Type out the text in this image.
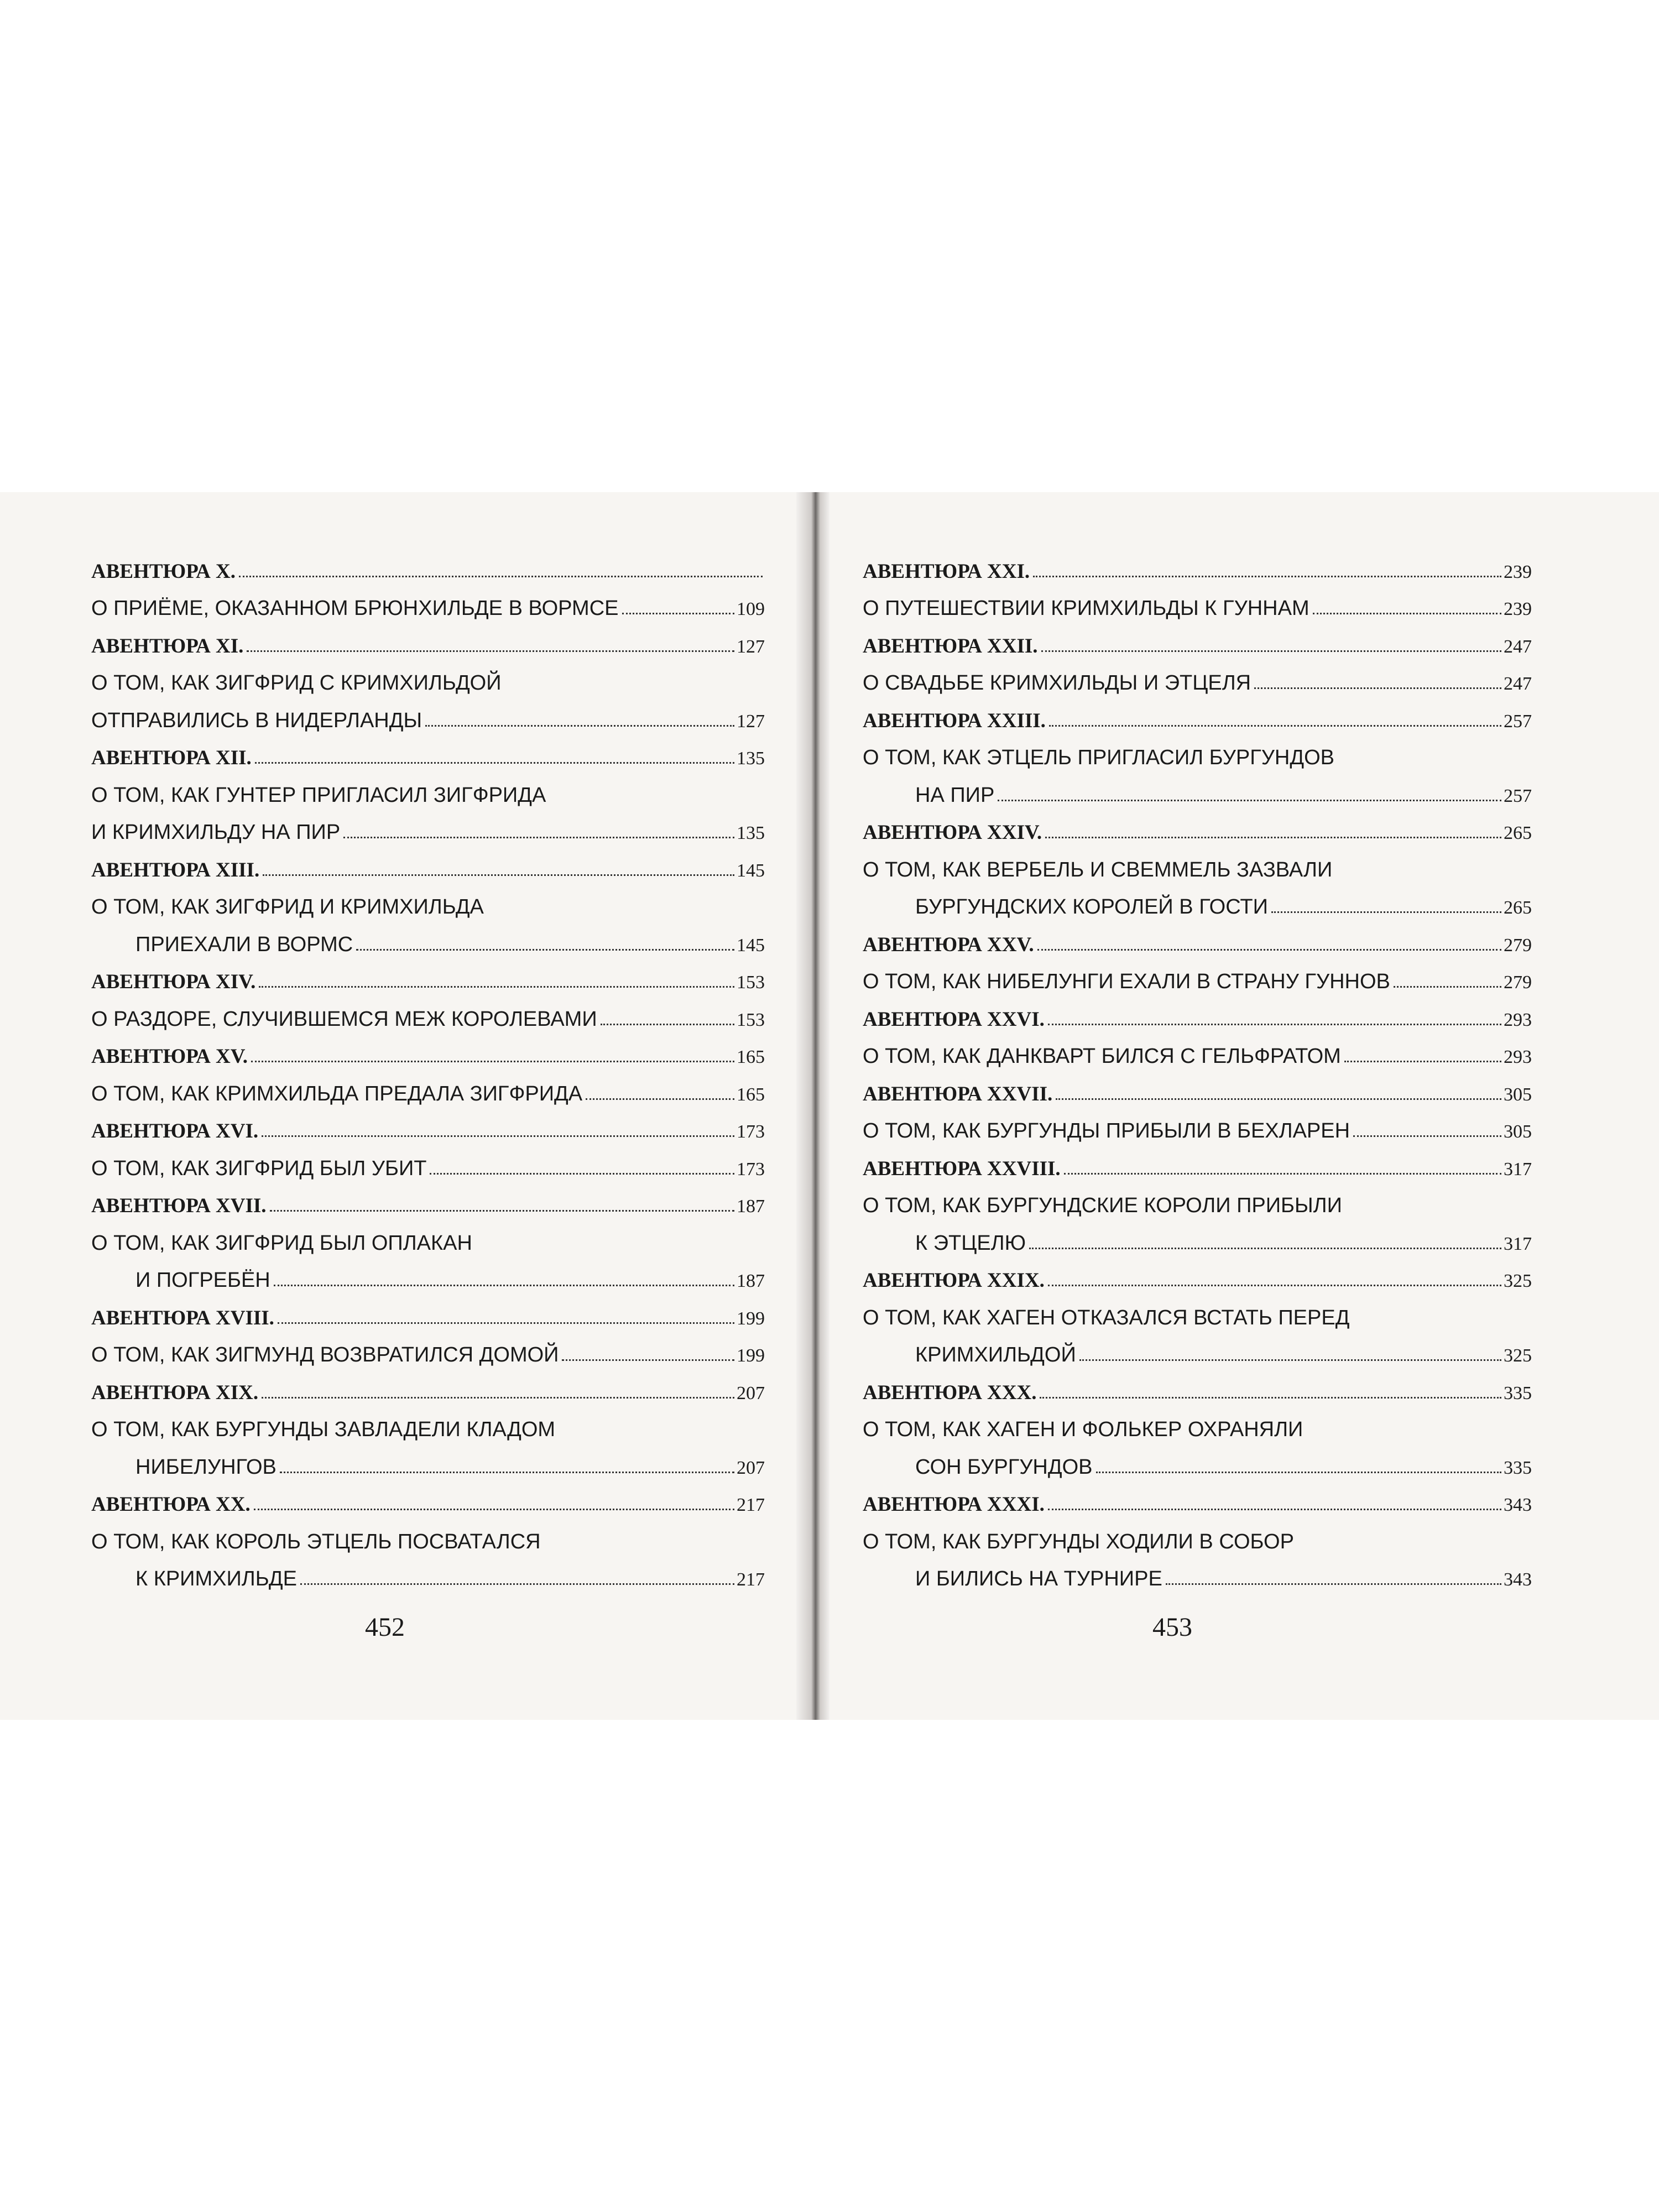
АВЕНТЮРА X.
О ПРИЁМЕ, ОКАЗАННОМ БРЮНХИЛЬДЕ В ВОРМСЕ	109
АВЕНТЮРА XI.	127
О ТОМ, КАК ЗИГФРИД С КРИМХИЛЬДОЙ
ОТПРАВИЛИСЬ В НИДЕРЛАНДЫ	127
АВЕНТЮРА XII.	135
О ТОМ, КАК ГУНТЕР ПРИГЛАСИЛ ЗИГФРИДА
И КРИМХИЛЬДУ НА ПИР	135
АВЕНТЮРА XIII.	145
О ТОМ, КАК ЗИГФРИД И КРИМХИЛЬДА
ПРИЕХАЛИ В ВОРМС	145
АВЕНТЮРА XIV.	153
О РАЗДОРЕ, СЛУЧИВШЕМСЯ МЕЖ КОРОЛЕВАМИ	153
АВЕНТЮРА XV.	165
О ТОМ, КАК КРИМХИЛЬДА ПРЕДАЛА ЗИГФРИДА	165
АВЕНТЮРА XVI.	173
О ТОМ, КАК ЗИГФРИД БЫЛ УБИТ	173
АВЕНТЮРА XVII.	187
О ТОМ, КАК ЗИГФРИД БЫЛ ОПЛАКАН
И ПОГРЕБЁН	187
АВЕНТЮРА XVIII.	199
О ТОМ, КАК ЗИГМУНД ВОЗВРАТИЛСЯ ДОМОЙ	199
АВЕНТЮРА XIX.	207
О ТОМ, КАК БУРГУНДЫ ЗАВЛАДЕЛИ КЛАДОМ
НИБЕЛУНГОВ	207
АВЕНТЮРА XX.	217
О ТОМ, КАК КОРОЛЬ ЭТЦЕЛЬ ПОСВАТАЛСЯ
К КРИМХИЛЬДЕ	217
452
АВЕНТЮРА XXI.	239
О ПУТЕШЕСТВИИ КРИМХИЛЬДЫ К ГУННАМ	239
АВЕНТЮРА XXII.	247
О СВАДЬБЕ КРИМХИЛЬДЫ И ЭТЦЕЛЯ	247
АВЕНТЮРА XXIII.	257
О ТОМ, КАК ЭТЦЕЛЬ ПРИГЛАСИЛ БУРГУНДОВ
НА ПИР	257
АВЕНТЮРА XXIV.	265
О ТОМ, КАК ВЕРБЕЛЬ И СВЕММЕЛЬ ЗАЗВАЛИ
БУРГУНДСКИХ КОРОЛЕЙ В ГОСТИ	265
АВЕНТЮРА XXV.	279
О ТОМ, КАК НИБЕЛУНГИ ЕХАЛИ В СТРАНУ ГУННОВ	279
АВЕНТЮРА XXVI.	293
О ТОМ, КАК ДАНКВАРТ БИЛСЯ С ГЕЛЬФРАТОМ	293
АВЕНТЮРА XXVII.	305
О ТОМ, КАК БУРГУНДЫ ПРИБЫЛИ В БЕХЛАРЕН	305
АВЕНТЮРА XXVIII.	317
О ТОМ, КАК БУРГУНДСКИЕ КОРОЛИ ПРИБЫЛИ
К ЭТЦЕЛЮ	317
АВЕНТЮРА XXIX.	325
О ТОМ, КАК ХАГЕН ОТКАЗАЛСЯ ВСТАТЬ ПЕРЕД
КРИМХИЛЬДОЙ	325
АВЕНТЮРА XXX.	335
О ТОМ, КАК ХАГЕН И ФОЛЬКЕР ОХРАНЯЛИ
СОН БУРГУНДОВ	335
АВЕНТЮРА XXXI.	343
О ТОМ, КАК БУРГУНДЫ ХОДИЛИ В СОБОР
И БИЛИСЬ НА ТУРНИРЕ	343
453
